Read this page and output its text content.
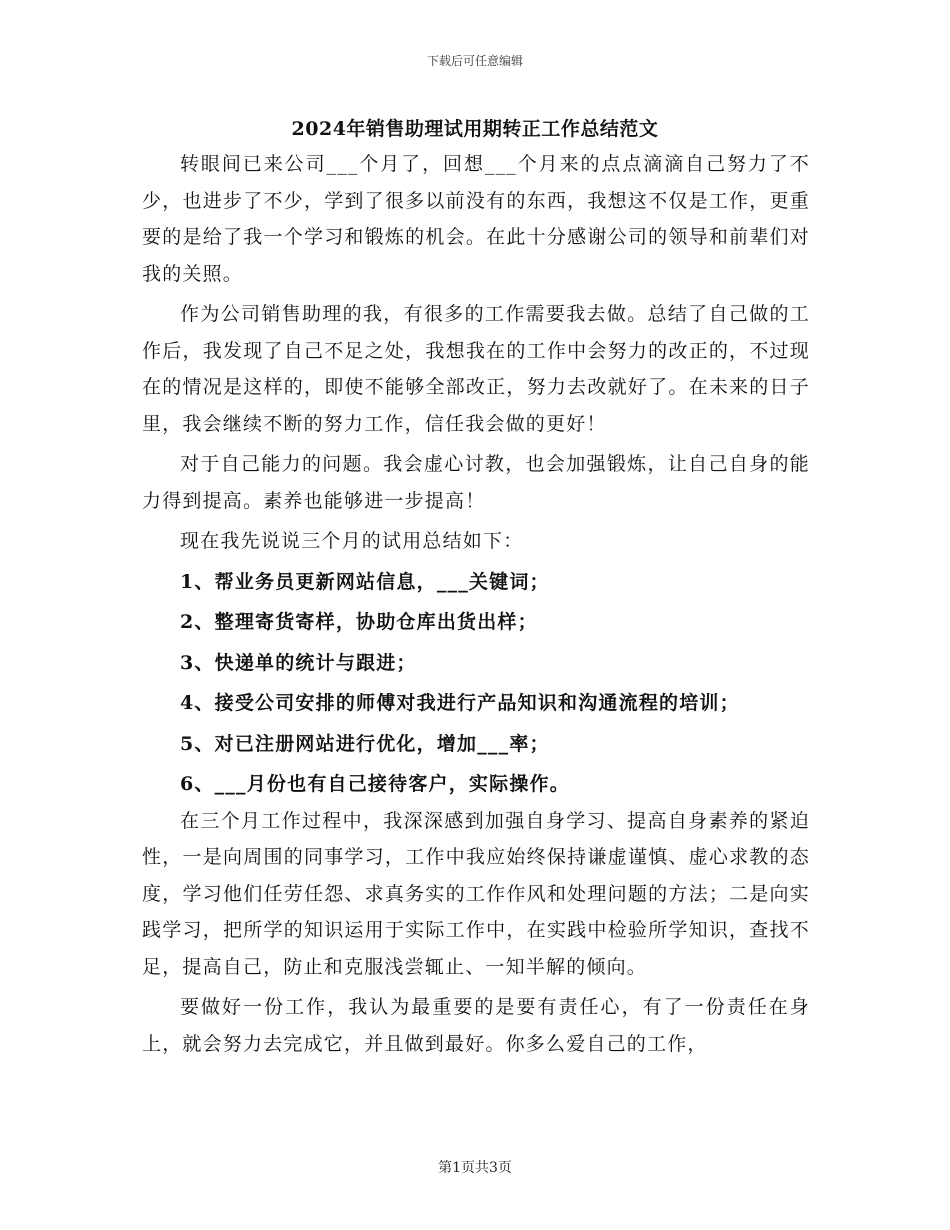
下载后可任意编辑
2024年销售助理试用期转正工作总结范文

转眼间已来公司___个月了，回想___个月来的点点滴滴自己努力了不少，也进步了不少，学到了很多以前没有的东西，我想这不仅是工作，更重要的是给了我一个学习和锻炼的机会。在此十分感谢公司的领导和前辈们对我的关照。

作为公司销售助理的我，有很多的工作需要我去做。总结了自己做的工作后，我发现了自己不足之处，我想我在的工作中会努力的改正的，不过现在的情况是这样的，即使不能够全部改正，努力去改就好了。在未来的日子里，我会继续不断的努力工作，信任我会做的更好！

对于自己能力的问题。我会虚心讨教，也会加强锻炼，让自己自身的能力得到提高。素养也能够进一步提高！

现在我先说说三个月的试用总结如下：

1、帮业务员更新网站信息，___关键词；

2、整理寄货寄样，协助仓库出货出样；

3、快递单的统计与跟进；

4、接受公司安排的师傅对我进行产品知识和沟通流程的培训；

5、对已注册网站进行优化，增加___率；

6、___月份也有自己接待客户，实际操作。

在三个月工作过程中，我深深感到加强自身学习、提高自身素养的紧迫性，一是向周围的同事学习，工作中我应始终保持谦虚谨慎、虚心求教的态度，学习他们任劳任怨、求真务实的工作作风和处理问题的方法；二是向实践学习，把所学的知识运用于实际工作中，在实践中检验所学知识，查找不足，提高自己，防止和克服浅尝辄止、一知半解的倾向。

要做好一份工作，我认为最重要的是要有责任心，有了一份责任在身上，就会努力去完成它，并且做到最好。你多么爱自己的工作，

第1页共3页
